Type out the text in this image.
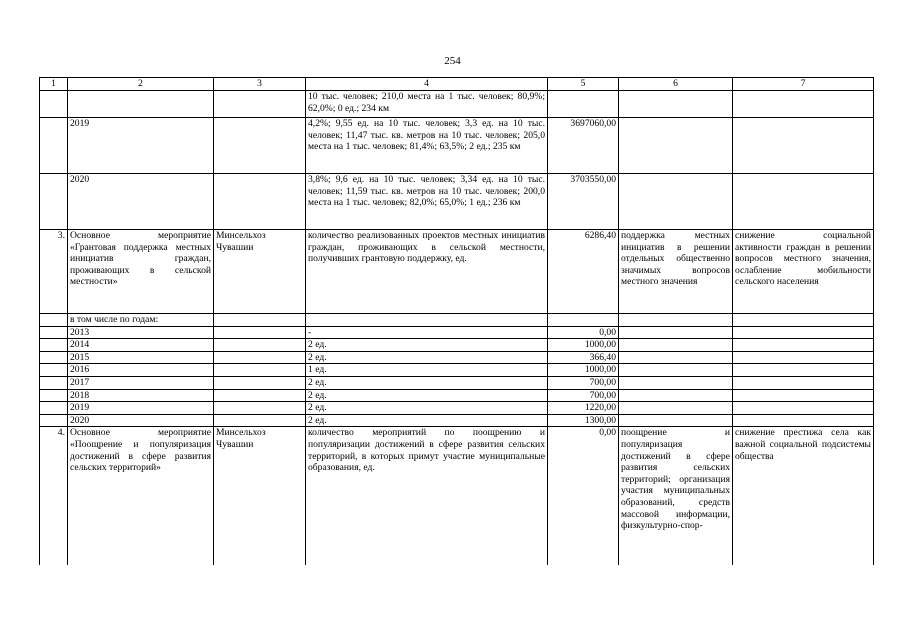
254
1	2	3	4	5	6	7
			10 тыс. человек; 210,0 места на 1 тыс. человек; 80,9%; 62,0%; 0 ед.; 234 км			
	2019		4,2%; 9,55 ед. на 10 тыс. человек; 3,3 ед. на 10 тыс. человек; 11,47 тыс. кв. метров на 10 тыс. человек; 205,0 места на 1 тыс. человек; 81,4%; 63,5%; 2 ед.; 235 км	3697060,00		
	2020		3,8%; 9,6 ед. на 10 тыс. человек; 3,34 ед. на 10 тыс. человек; 11,59 тыс. кв. метров на 10 тыс. человек; 200,0 места на 1 тыс. человек; 82,0%; 65,0%; 1 ед.; 236 км	3703550,00		
3.	Основное мероприятие «Грантовая поддержка местных инициатив граждан, проживающих в сельской местности»	Минсельхоз Чувашии	количество реализованных проектов местных инициатив граждан, проживающих в сельской местности, получивших грантовую поддержку, ед.	6286,40	поддержка местных инициатив в решении отдельных общественно значимых вопросов местного значения	снижение социальной активности граждан в решении вопросов местного значения, ослабление мобильности сельского населения
	в том числе по годам:					
	2013		-	0,00		
	2014		2 ед.	1000,00		
	2015		2 ед.	366,40		
	2016		1 ед.	1000,00		
	2017		2 ед.	700,00		
	2018		2 ед.	700,00		
	2019		2 ед.	1220,00		
	2020		2 ед.	1300,00		
4.	Основное мероприятие «Поощрение и популяризация достижений в сфере развития сельских территорий»	Минсельхоз Чувашии	количество мероприятий по поощрению и популяризации достижений в сфере развития сельских территорий, в которых примут участие муниципальные образования, ед.	0,00	поощрение и популяризация достижений в сфере развития сельских территорий; организация участия муниципальных образований, средств массовой информации, физкультурно-спор-	снижение престижа села как важной социальной подсистемы общества
